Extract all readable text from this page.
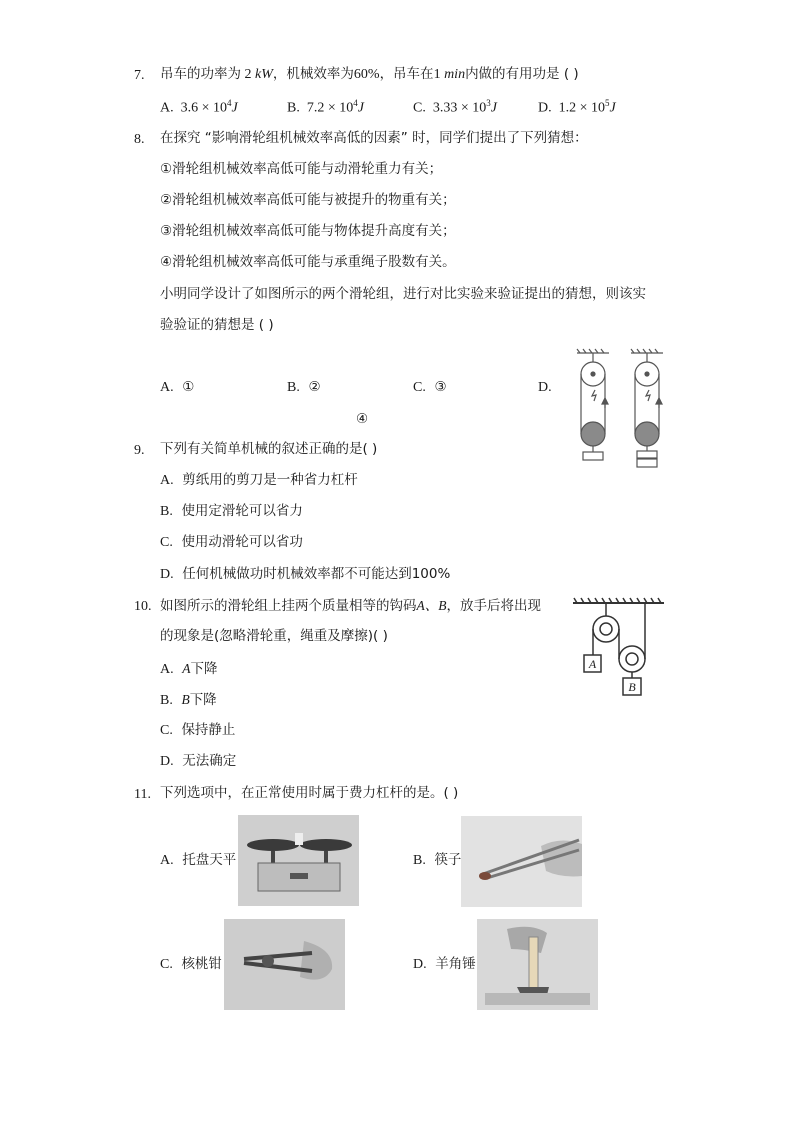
7. 吊车的功率为 2 kW，机械效率为60%，吊车在1 min内做的有用功是 ( )
A. $3.6 \times 10^4J$	B. $7.2 \times 10^4J$	C. $3.33 \times 10^3J$	D. $1.2 \times 10^5J$
8. 在探究 “影响滑轮组机械效率高低的因素” 时，同学们提出了下列猜想：
①滑轮组机械效率高低可能与动滑轮重力有关；
②滑轮组机械效率高低可能与被提升的物重有关；
③滑轮组机械效率高低可能与物体提升高度有关；
④滑轮组机械效率高低可能与承重绳子股数有关。
小明同学设计了如图所示的两个滑轮组，进行对比实验来验证提出的猜想，则该实
验验证的猜想是 ( )
A. ①	B. ②	C. ③	D.
④
9. 下列有关简单机械的叙述正确的是( )
A. 剪纸用的剪刀是一种省力杠杆
B. 使用定滑轮可以省力
C. 使用动滑轮可以省功
D. 任何机械做功时机械效率都不可能达到100%
10. 如图所示的滑轮组上挂两个质量相等的钩码A、B，放手后将出现
的现象是(忽略滑轮重，绳重及摩擦)( )
A. A下降
B. B下降
C. 保持静止
D. 无法确定
A
B
11. 下列选项中，在正常使用时属于费力杠杆的是。( )
A. 托盘天平	B. 筷子
C. 核桃钳	D. 羊角锤
